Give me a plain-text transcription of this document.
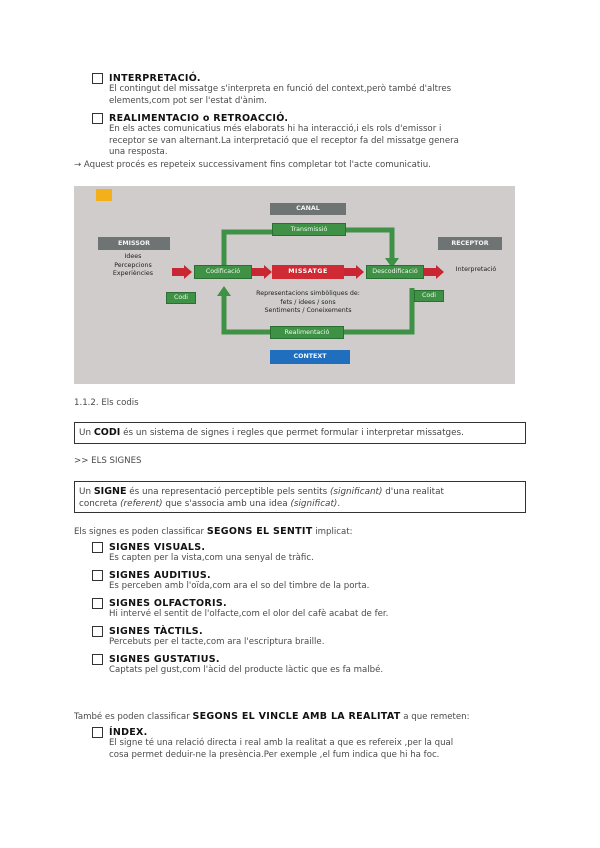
INTERPRETACIÓ.
El contingut del missatge s'interpreta en funció del context,però també d'altres
elements,com pot ser l'estat d'ànim.
REALIMENTACIO o RETROACCIÓ.
En els actes comunicatius més elaborats hi ha interacció,i els rols d'emissor i
receptor se van alternant.La interpretació que el receptor fa del missatge genera
una resposta.
→ Aquest procés es repeteix successivament fins completar tot l'acte comunicatiu.
CANAL
Transmissió
EMISSOR
Idees
Percepcions
Experiències	Codificació	MISSATGE	Descodificació
RECEPTOR
Interpretació
Codi	Codi
Representacions simbòliques de:
fets / idees / sons
Sentiments / Coneixements
Realimentació
CONTEXT
1.1.2. Els codis
Un CODI és un sistema de signes i regles que permet formular i interpretar missatges.
>> ELS SIGNES
Un SIGNE és una representació perceptible pels sentits (significant) d'una realitat
concreta (referent) que s'associa amb una idea (significat).
Els signes es poden classificar SEGONS EL SENTIT implicat:
SIGNES VISUALS.
Es capten per la vista,com una senyal de tràfic.
SIGNES AUDITIUS.
Es perceben amb l'oïda,com ara el so del timbre de la porta.
SIGNES OLFACTORIS.
Hi intervé el sentit de l'olfacte,com el olor del cafè acabat de fer.
SIGNES TÀCTILS.
Percebuts per el tacte,com ara l'escriptura braille.
SIGNES GUSTATIUS.
Captats pel gust,com l'àcid del producte làctic que es fa malbé.
També es poden classificar SEGONS EL VINCLE AMB LA REALITAT a que remeten:
ÍNDEX.
El signe té una relació directa i real amb la realitat a que es refereix ,per la qual
cosa permet deduir-ne la presència.Per exemple ,el fum indica que hi ha foc.
